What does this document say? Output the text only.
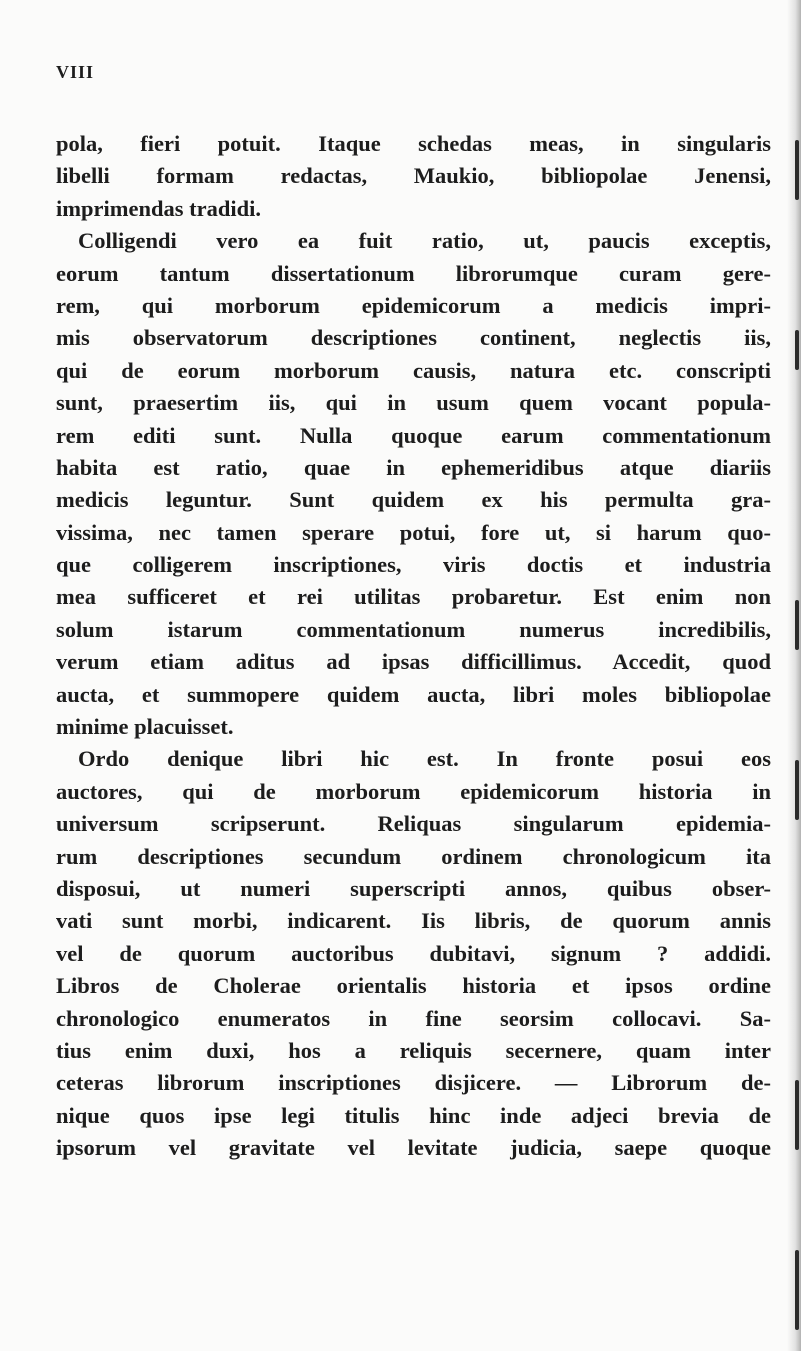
VIII
pola, fieri potuit. Itaque schedas meas, in singularis
libelli formam redactas, Maukio, bibliopolae Jenensi,
imprimendas tradidi.
Colligendi vero ea fuit ratio, ut, paucis exceptis,
eorum tantum dissertationum librorumque curam gere-
rem, qui morborum epidemicorum a medicis impri-
mis observatorum descriptiones continent, neglectis iis,
qui de eorum morborum causis, natura etc. conscripti
sunt, praesertim iis, qui in usum quem vocant popula-
rem editi sunt. Nulla quoque earum commentationum
habita est ratio, quae in ephemeridibus atque diariis
medicis leguntur. Sunt quidem ex his permulta gra-
vissima, nec tamen sperare potui, fore ut, si harum quo-
que colligerem inscriptiones, viris doctis et industria
mea sufficeret et rei utilitas probaretur. Est enim non
solum istarum commentationum numerus incredibilis,
verum etiam aditus ad ipsas difficillimus. Accedit, quod
aucta, et summopere quidem aucta, libri moles bibliopolae
minime placuisset.
Ordo denique libri hic est. In fronte posui eos
auctores, qui de morborum epidemicorum historia in
universum scripserunt. Reliquas singularum epidemia-
rum descriptiones secundum ordinem chronologicum ita
disposui, ut numeri superscripti annos, quibus obser-
vati sunt morbi, indicarent. Iis libris, de quorum annis
vel de quorum auctoribus dubitavi, signum ? addidi.
Libros de Cholerae orientalis historia et ipsos ordine
chronologico enumeratos in fine seorsim collocavi. Sa-
tius enim duxi, hos a reliquis secernere, quam inter
ceteras librorum inscriptiones disjicere. — Librorum de-
nique quos ipse legi titulis hinc inde adjeci brevia de
ipsorum vel gravitate vel levitate judicia, saepe quoque
